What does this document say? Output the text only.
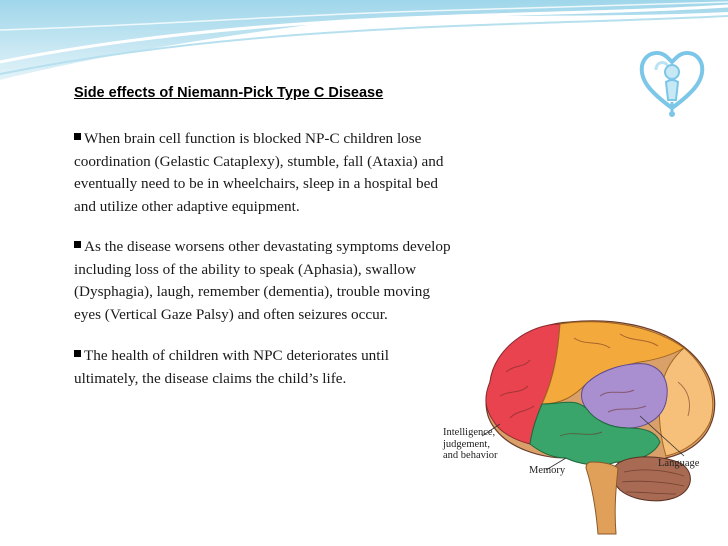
Side effects of Niemann-Pick Type C Disease

When brain cell function is blocked NP-C children lose
coordination (Gelastic Cataplexy), stumble, fall (Ataxia) and
eventually need to be in wheelchairs, sleep in a hospital bed
and utilize other adaptive equipment.

As the disease worsens other devastating symptoms develop
including loss of the ability to speak (Aphasia), swallow
(Dysphagia), laugh, remember (dementia), trouble moving
eyes (Vertical Gaze Palsy) and often seizures occur.

The health of children with NPC deteriorates until
ultimately, the disease claims the child’s life.

Intelligence,
judgement,
and behavior

Memory

Language
